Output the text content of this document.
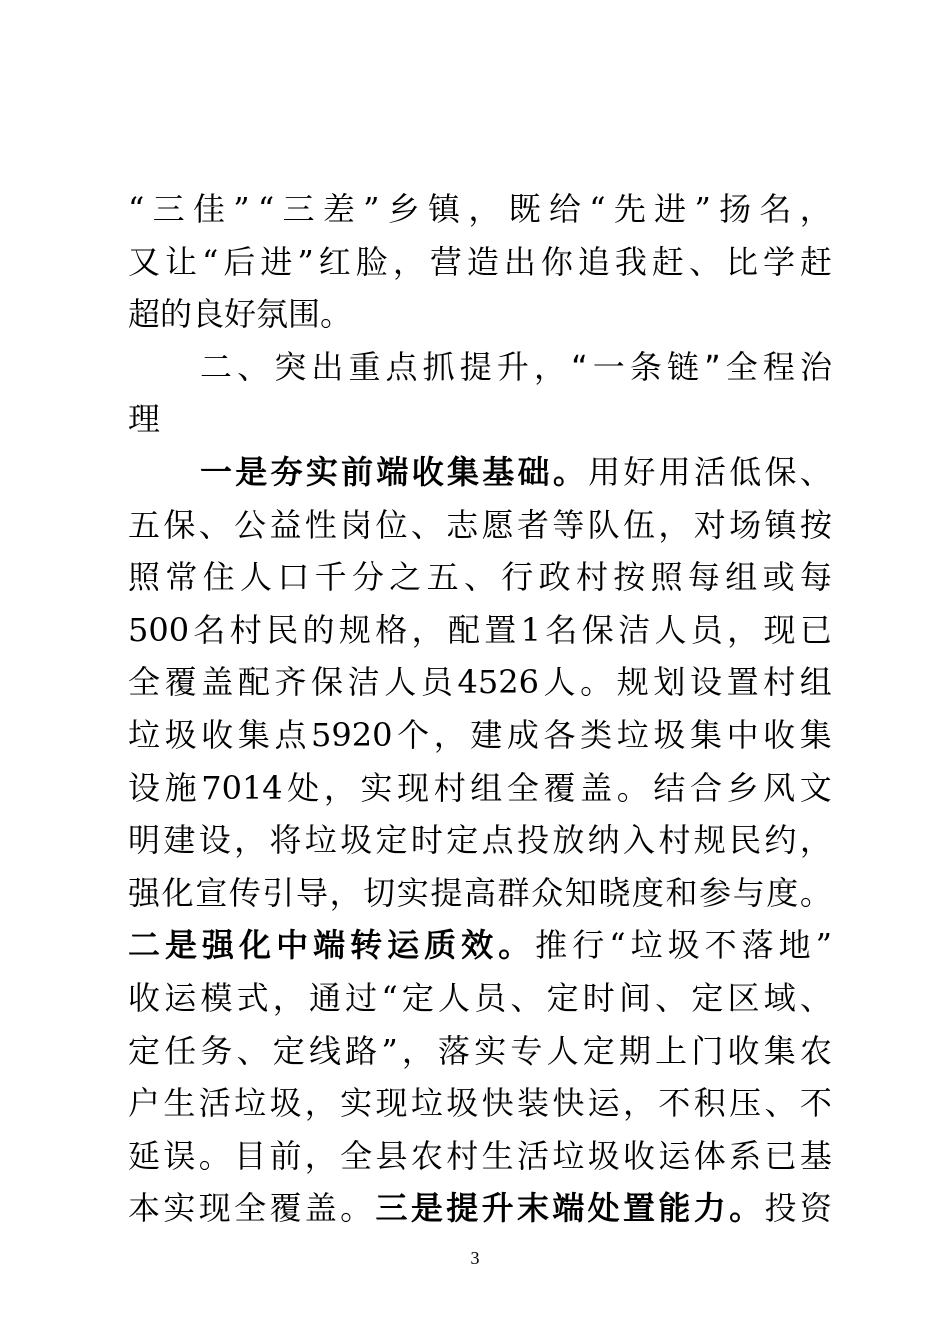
“ 三 佳 ” “ 三 差 ” 乡 镇 ， 既 给 “ 先 进 ” 扬 名 ，
又 让 “ 后 进 ” 红 脸 ， 营 造 出 你 追 我 赶 、 比 学 赶
超的良好氛围。
二 、 突 出 重 点 抓 提 升 ， “ 一 条 链 ” 全 程 治
理
一 是 夯 实 前 端 收 集 基 础 。 用 好 用 活 低 保 、
五 保 、 公 益 性 岗 位 、 志 愿 者 等 队 伍 ， 对 场 镇 按
照 常 住 人 口 千 分 之 五 、 行 政 村 按 照 每 组 或 每
500 名 村 民 的 规 格 ， 配 置 1 名 保 洁 人 员 ， 现 已
全 覆 盖 配 齐 保 洁 人 员 4526 人 。 规 划 设 置 村 组
垃 圾 收 集 点 5920 个 ， 建 成 各 类 垃 圾 集 中 收 集
设 施 7014 处 ， 实 现 村 组 全 覆 盖 。 结 合 乡 风 文
明 建 设 ， 将 垃 圾 定 时 定 点 投 放 纳 入 村 规 民 约 ，
强 化 宣 传 引 导 ， 切 实 提 高 群 众 知 晓 度 和 参 与 度 。
二 是 强 化 中 端 转 运 质 效 。 推 行 “ 垃 圾 不 落 地 ”
收 运 模 式 ， 通 过 “ 定 人 员 、 定 时 间 、 定 区 域 、
定 任 务 、 定 线 路 ” ， 落 实 专 人 定 期 上 门 收 集 农
户 生 活 垃 圾 ， 实 现 垃 圾 快 装 快 运 ， 不 积 压 、 不
延 误 。 目 前 ， 全 县 农 村 生 活 垃 圾 收 运 体 系 已 基
本 实 现 全 覆 盖 。 三 是 提 升 末 端 处 置 能 力 。 投 资
3
